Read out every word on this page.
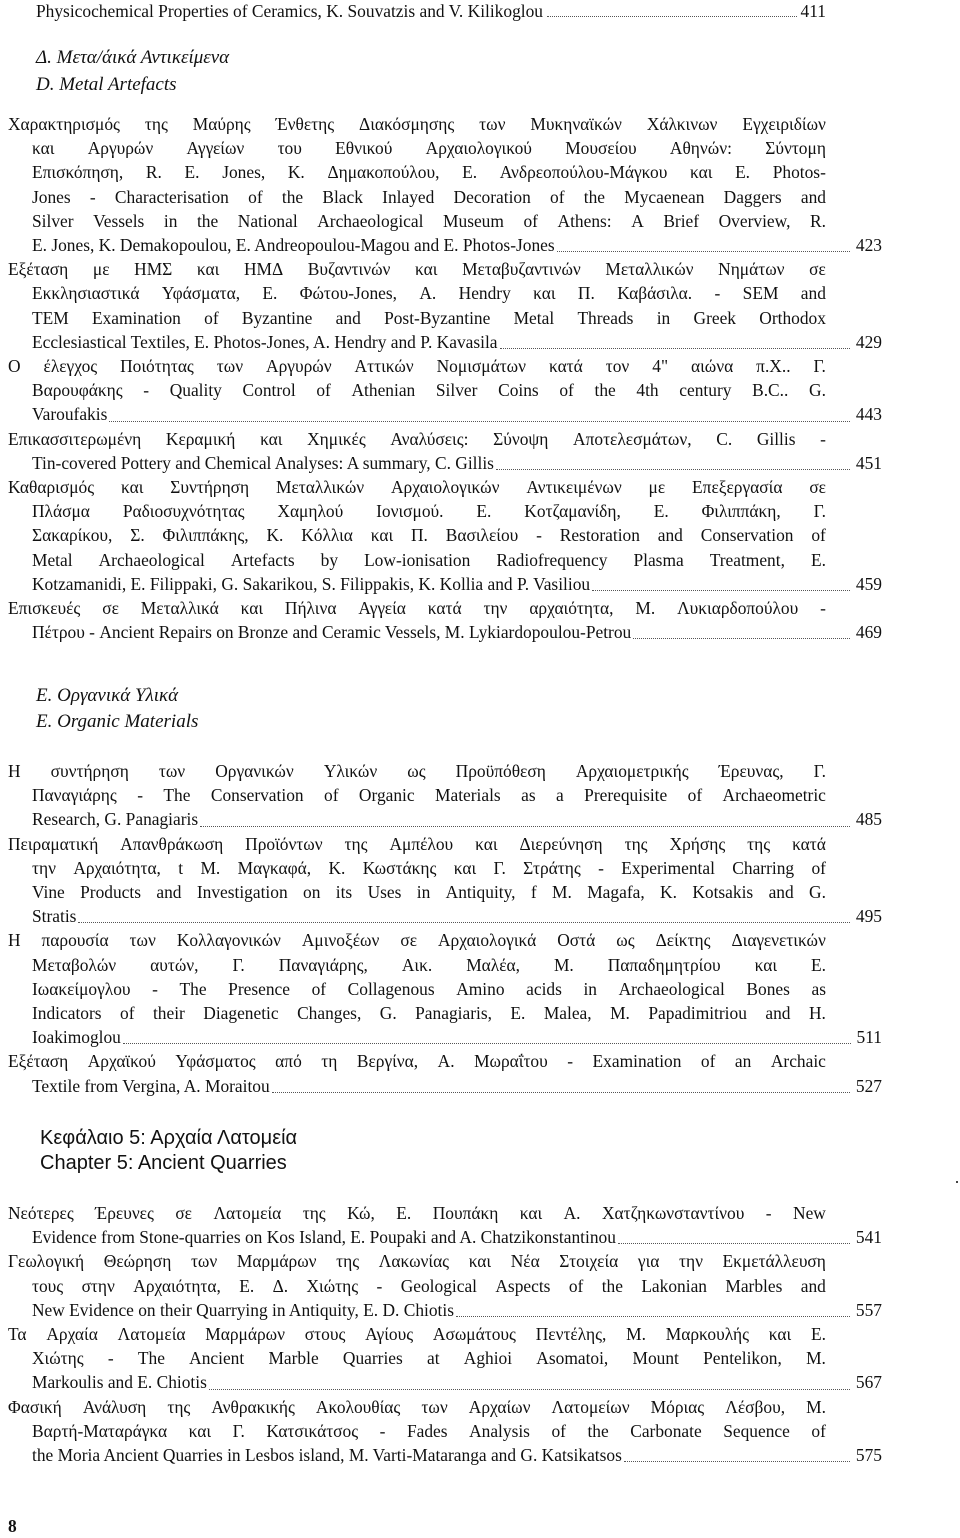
Physicochemical Properties of Ceramics, K. Souvatzis and V. Kilikoglou	411
Δ. Μετα/άικά Αντικείμενα
D. Metal Artefacts
Χαρακτηρισμός της Μαύρης Ένθετης Διακόσμησης των Μυκηναϊκών Χάλκινων Εγχειριδίων
και Αργυρών Αγγείων του Εθνικού Αρχαιολογικού Μουσείου Αθηνών: Σύντομη
Επισκόπηση, R. E. Jones, Κ. Δημακοπούλου, Ε. Ανδρεοπούλου-Μάγκου και Ε. Photos-
Jones - Characterisation of the Black Inlayed Decoration of the Mycaenean Daggers and
Silver Vessels in the National Archaeological Museum of Athens: A Brief Overview, R.
E. Jones, K. Demakopoulou, E. Andreopoulou-Magou and E. Photos-Jones	423
Εξέταση με ΗΜΣ και ΗΜΔ Βυζαντινών και Μεταβυζαντινών Μεταλλικών Νημάτων σε
Εκκλησιαστικά Υφάσματα, Ε. Φώτου-Jones, A. Hendry και Π. Καβάσιλα. - SEM and
TEM Examination of Byzantine and Post-Byzantine Metal Threads in Greek Orthodox
Ecclesiastical Textiles, E. Photos-Jones, A. Hendry and P. Kavasila	429
Ο έλεγχος Ποιότητας των Αργυρών Αττικών Νομισμάτων κατά τον 4" αιώνα π.Χ.. Γ.
Βαρουφάκης - Quality Control of Athenian Silver Coins of the 4th century B.C.. G.
Varoufakis	443
Επικασσιτερωμένη Κεραμική και Χημικές Αναλύσεις: Σύνοψη Αποτελεσμάτων, C. Gillis -
Tin-covered Pottery and Chemical Analyses: A summary, C. Gillis	451
Καθαρισμός και Συντήρηση Μεταλλικών Αρχαιολογικών Αντικειμένων με Επεξεργασία σε
Πλάσμα Ραδιοσυχνότητας Χαμηλού Ιονισμού. Ε. Κοτζαμανίδη, Ε. Φιλιππάκη, Γ.
Σακαρίκου, Σ. Φιλιππάκης, Κ. Κόλλια και Π. Βασιλείου - Restoration and Conservation of
Metal Archaeological Artefacts by Low-ionisation Radiofrequency Plasma Treatment, E.
Kotzamanidi, E. Filippaki, G. Sakarikou, S. Filippakis, K. Kollia and P. Vasiliou	459
Επισκευές σε Μεταλλικά και Πήλινα Αγγεία κατά την αρχαιότητα, Μ. Λυκιαρδοπούλου -
Πέτρου - Ancient Repairs on Bronze and Ceramic Vessels, M. Lykiardopoulou-Petrou	469
Ε. Οργανικά Υλικά
E. Organic Materials
Η συντήρηση των Οργανικών Υλικών ως Προϋπόθεση Αρχαιομετρικής Έρευνας, Γ.
Παναγιάρης - The Conservation of Organic Materials as a Prerequisite of Archaeometric
Research, G. Panagiaris	485
Πειραματική Απανθράκωση Προϊόντων της Αμπέλου και Διερεύνηση της Χρήσης της κατά
την Αρχαιότητα, t Μ. Μαγκαφά, Κ. Κωστάκης και Γ. Στράτης - Experimental Charring of
Vine Products and Investigation on its Uses in Antiquity, f M. Magafa, K. Kotsakis and G.
Stratis	495
Η παρουσία των Κολλαγονικών Αμινοξέων σε Αρχαιολογικά Οστά ως Δείκτης Διαγενετικών
Μεταβολών αυτών, Γ. Παναγιάρης, Αικ. Μαλέα, Μ. Παπαδημητρίου και Ε.
Ιωακείμογλου - The Presence of Collagenous Amino acids in Archaeological Bones as
Indicators of their Diagenetic Changes, G. Panagiaris, E. Malea, M. Papadimitriou and H.
Ioakimoglou	511
Εξέταση Αρχαϊκού Υφάσματος από τη Βεργίνα, Α. Μωραΐτου - Examination of an Archaic
Textile from Vergina, A. Moraitou	527
Κεφάλαιο 5: Αρχαία Λατομεία
Chapter 5: Ancient Quarries
Νεότερες Έρευνες σε Λατομεία της Κώ, Ε. Πουπάκη και Α. Χατζηκωνσταντίνου - New
Evidence from Stone-quarries on Kos Island, E. Poupaki and A. Chatzikonstantinou	541
Γεωλογική Θεώρηση των Μαρμάρων της Λακωνίας και Νέα Στοιχεία για την Εκμετάλλευση
τους στην Αρχαιότητα, Ε. Δ. Χιώτης - Geological Aspects of the Lakonian Marbles and
New Evidence on their Quarrying in Antiquity, E. D. Chiotis	557
Τα Αρχαία Λατομεία Μαρμάρων στους Αγίους Ασωμάτους Πεντέλης, Μ. Μαρκουλής και Ε.
Χιώτης - The Ancient Marble Quarries at Aghioi Asomatoi, Mount Pentelikon, M.
Markoulis and E. Chiotis	567
Φασική Ανάλυση της Ανθρακικής Ακολουθίας των Αρχαίων Λατομείων Μόριας Λέσβου, Μ.
Βαρτή-Ματαράγκα και Γ. Κατσικάτσος - Fades Analysis of the Carbonate Sequence of
the Moria Ancient Quarries in Lesbos island, M. Varti-Mataranga and G. Katsikatsos	575
8
